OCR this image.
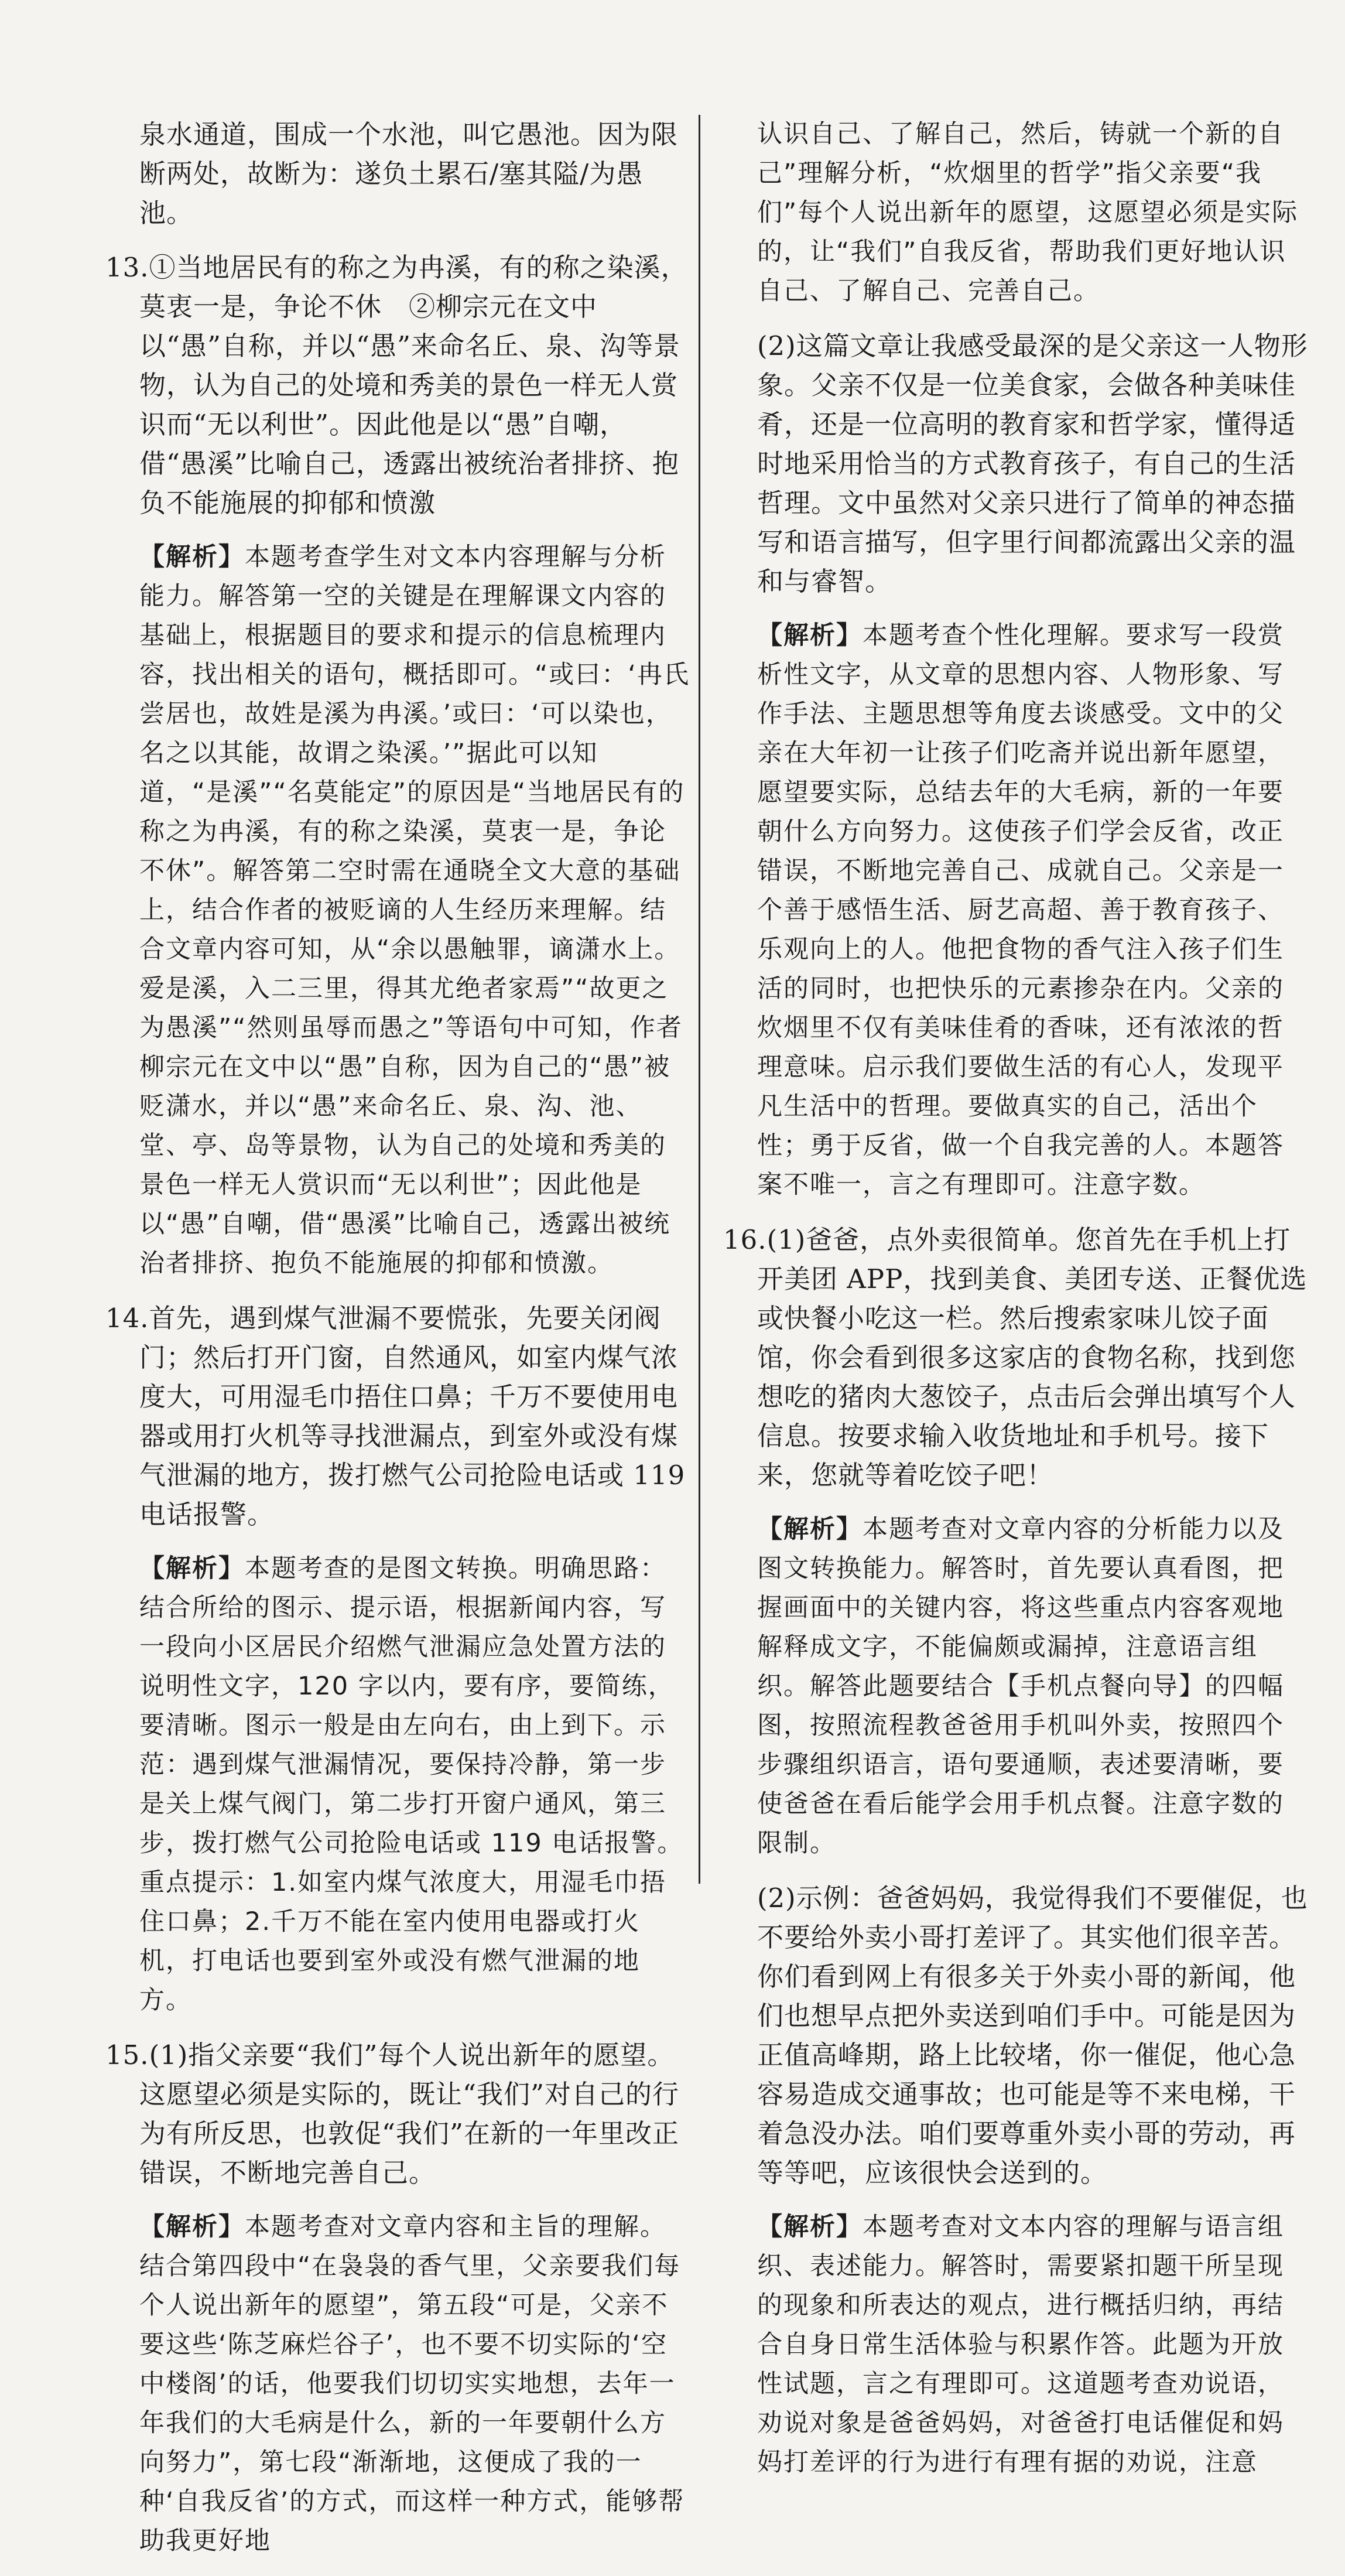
泉水通道，围成一个水池，叫它愚池。因为限断两处，故断为：遂负土累石/塞其隘/为愚池。

13.①当地居民有的称之为冉溪，有的称之染溪，莫衷一是，争论不休　②柳宗元在文中以“愚”自称，并以“愚”来命名丘、泉、沟等景物，认为自己的处境和秀美的景色一样无人赏识而“无以利世”。因此他是以“愚”自嘲，借“愚溪”比喻自己，透露出被统治者排挤、抱负不能施展的抑郁和愤激

【解析】本题考查学生对文本内容理解与分析能力。解答第一空的关键是在理解课文内容的基础上，根据题目的要求和提示的信息梳理内容，找出相关的语句，概括即可。“或曰：‘冉氏尝居也，故姓是溪为冉溪。’或曰：‘可以染也，名之以其能，故谓之染溪。’”据此可以知道，“是溪”“名莫能定”的原因是“当地居民有的称之为冉溪，有的称之染溪，莫衷一是，争论不休”。解答第二空时需在通晓全文大意的基础上，结合作者的被贬谪的人生经历来理解。结合文章内容可知，从“余以愚触罪，谪潇水上。爱是溪，入二三里，得其尤绝者家焉”“故更之为愚溪”“然则虽辱而愚之”等语句中可知，作者柳宗元在文中以“愚”自称，因为自己的“愚”被贬潇水，并以“愚”来命名丘、泉、沟、池、堂、亭、岛等景物，认为自己的处境和秀美的景色一样无人赏识而“无以利世”；因此他是以“愚”自嘲，借“愚溪”比喻自己，透露出被统治者排挤、抱负不能施展的抑郁和愤激。

14.首先，遇到煤气泄漏不要慌张，先要关闭阀门；然后打开门窗，自然通风，如室内煤气浓度大，可用湿毛巾捂住口鼻；千万不要使用电器或用打火机等寻找泄漏点，到室外或没有煤气泄漏的地方，拨打燃气公司抢险电话或 119 电话报警。

【解析】本题考查的是图文转换。明确思路：结合所给的图示、提示语，根据新闻内容，写一段向小区居民介绍燃气泄漏应急处置方法的说明性文字，120 字以内，要有序，要简练，要清晰。图示一般是由左向右，由上到下。示范：遇到煤气泄漏情况，要保持冷静，第一步是关上煤气阀门，第二步打开窗户通风，第三步，拨打燃气公司抢险电话或 119 电话报警。重点提示：1.如室内煤气浓度大，用湿毛巾捂住口鼻；2.千万不能在室内使用电器或打火机，打电话也要到室外或没有燃气泄漏的地方。

15.(1)指父亲要“我们”每个人说出新年的愿望。这愿望必须是实际的，既让“我们”对自己的行为有所反思，也敦促“我们”在新的一年里改正错误，不断地完善自己。

【解析】本题考查对文章内容和主旨的理解。结合第四段中“在袅袅的香气里，父亲要我们每个人说出新年的愿望”，第五段“可是，父亲不要这些‘陈芝麻烂谷子’，也不要不切实际的‘空中楼阁’的话，他要我们切切实实地想，去年一年我们的大毛病是什么，新的一年要朝什么方向努力”，第七段“渐渐地，这便成了我的一种‘自我反省’的方式，而这样一种方式，能够帮助我更好地

认识自己、了解自己，然后，铸就一个新的自己”理解分析，“炊烟里的哲学”指父亲要“我们”每个人说出新年的愿望，这愿望必须是实际的，让“我们”自我反省，帮助我们更好地认识自己、了解自己、完善自己。

(2)这篇文章让我感受最深的是父亲这一人物形象。父亲不仅是一位美食家，会做各种美味佳肴，还是一位高明的教育家和哲学家，懂得适时地采用恰当的方式教育孩子，有自己的生活哲理。文中虽然对父亲只进行了简单的神态描写和语言描写，但字里行间都流露出父亲的温和与睿智。

【解析】本题考查个性化理解。要求写一段赏析性文字，从文章的思想内容、人物形象、写作手法、主题思想等角度去谈感受。文中的父亲在大年初一让孩子们吃斋并说出新年愿望，愿望要实际，总结去年的大毛病，新的一年要朝什么方向努力。这使孩子们学会反省，改正错误，不断地完善自己、成就自己。父亲是一个善于感悟生活、厨艺高超、善于教育孩子、乐观向上的人。他把食物的香气注入孩子们生活的同时，也把快乐的元素掺杂在内。父亲的炊烟里不仅有美味佳肴的香味，还有浓浓的哲理意味。启示我们要做生活的有心人，发现平凡生活中的哲理。要做真实的自己，活出个性；勇于反省，做一个自我完善的人。本题答案不唯一，言之有理即可。注意字数。

16.(1)爸爸，点外卖很简单。您首先在手机上打开美团 APP，找到美食、美团专送、正餐优选或快餐小吃这一栏。然后搜索家味儿饺子面馆，你会看到很多这家店的食物名称，找到您想吃的猪肉大葱饺子，点击后会弹出填写个人信息。按要求输入收货地址和手机号。接下来，您就等着吃饺子吧！

【解析】本题考查对文章内容的分析能力以及图文转换能力。解答时，首先要认真看图，把握画面中的关键内容，将这些重点内容客观地解释成文字，不能偏颇或漏掉，注意语言组织。解答此题要结合【手机点餐向导】的四幅图，按照流程教爸爸用手机叫外卖，按照四个步骤组织语言，语句要通顺，表述要清晰，要使爸爸在看后能学会用手机点餐。注意字数的限制。

(2)示例：爸爸妈妈，我觉得我们不要催促，也不要给外卖小哥打差评了。其实他们很辛苦。你们看到网上有很多关于外卖小哥的新闻，他们也想早点把外卖送到咱们手中。可能是因为正值高峰期，路上比较堵，你一催促，他心急容易造成交通事故；也可能是等不来电梯，干着急没办法。咱们要尊重外卖小哥的劳动，再等等吧，应该很快会送到的。

【解析】本题考查对文本内容的理解与语言组织、表述能力。解答时，需要紧扣题干所呈现的现象和所表达的观点，进行概括归纳，再结合自身日常生活体验与积累作答。此题为开放性试题，言之有理即可。这道题考查劝说语，劝说对象是爸爸妈妈，对爸爸打电话催促和妈妈打差评的行为进行有理有据的劝说，注意
